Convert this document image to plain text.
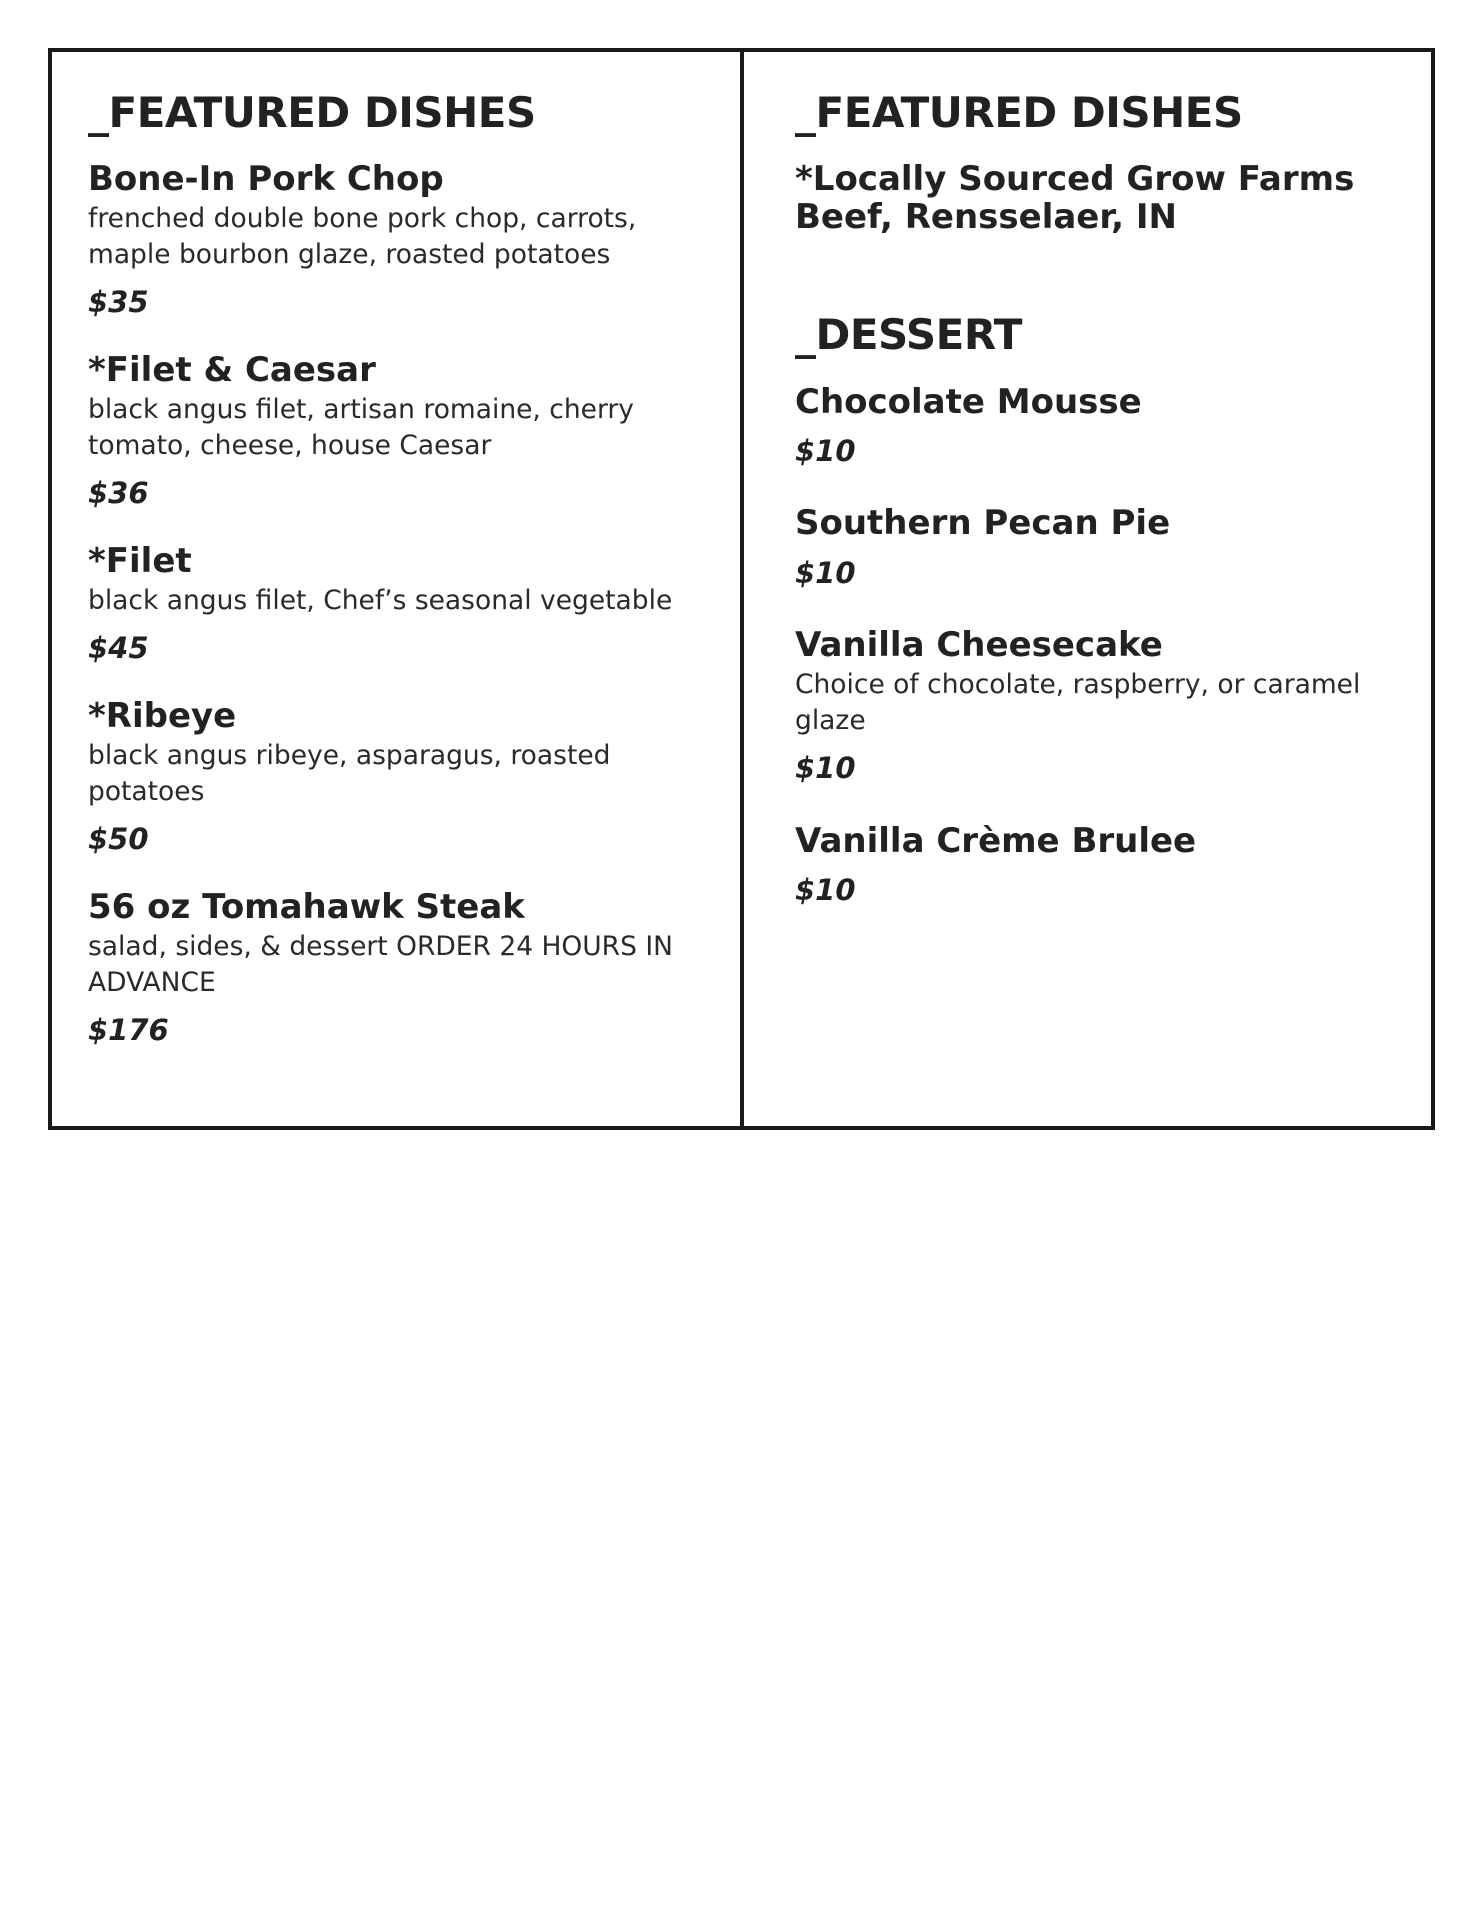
_FEATURED DISHES
Bone-In Pork Chop
frenched double bone pork chop, carrots, maple bourbon glaze, roasted potatoes
$35
*Filet & Caesar
black angus filet, artisan romaine, cherry tomato, cheese, house Caesar
$36
*Filet
black angus filet, Chef’s seasonal vegetable
$45
*Ribeye
black angus ribeye, asparagus, roasted potatoes
$50
56 oz Tomahawk Steak
salad, sides, & dessert ORDER 24 HOURS IN ADVANCE
$176
_FEATURED DISHES
*Locally Sourced Grow Farms Beef, Rensselaer, IN
_DESSERT
Chocolate Mousse
$10
Southern Pecan Pie
$10
Vanilla Cheesecake
Choice of chocolate, raspberry, or caramel glaze
$10
Vanilla Crème Brulee
$10
